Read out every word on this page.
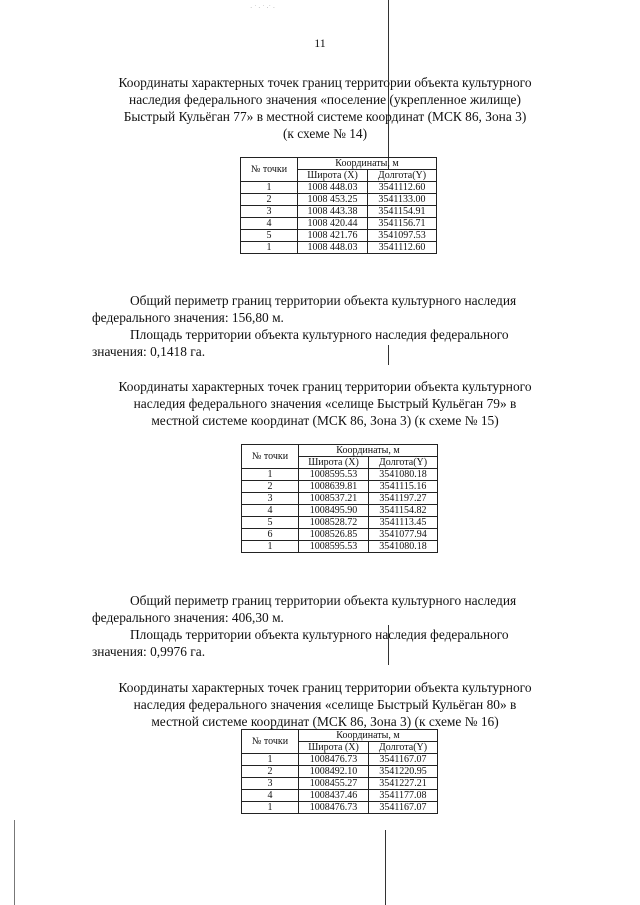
· ˙ · ˙ ·˙ ·
11
Координаты характерных точек границ территории объекта культурного
наследия федерального значения «поселение (укрепленное жилище)
Быстрый Кульёган 77» в местной системе координат (МСК 86, Зона 3)
(к схеме № 14)
№ точки	Координаты, м	
	Широта (X)	Долгота(Y)
1	1008 448.03	3541112.60
2	1008 453.25	3541133.00
3	1008 443.38	3541154.91
4	1008 420.44	3541156.71
5	1008 421.76	3541097.53
1	1008 448.03	3541112.60
Общий периметр границ территории объекта культурного наследия
федерального значения: 156,80 м.
Площадь территории объекта культурного наследия федерального
значения: 0,1418 га.
Координаты характерных точек границ территории объекта культурного
наследия федерального значения «селище Быстрый Кульёган 79» в
местной системе координат (МСК 86, Зона 3) (к схеме № 15)
№ точки	Координаты, м	
	Широта (X)	Долгота(Y)
1	1008595.53	3541080.18
2	1008639.81	3541115.16
3	1008537.21	3541197.27
4	1008495.90	3541154.82
5	1008528.72	3541113.45
6	1008526.85	3541077.94
1	1008595.53	3541080.18
Общий периметр границ территории объекта культурного наследия
федерального значения: 406,30 м.
Площадь территории объекта культурного наследия федерального
значения: 0,9976 га.
Координаты характерных точек границ территории объекта культурного
наследия федерального значения «селище Быстрый Кульёган 80» в
местной системе координат (МСК 86, Зона 3) (к схеме № 16)
№ точки	Координаты, м	
	Широта (X)	Долгота(Y)
1	1008476.73	3541167.07
2	1008492.10	3541220.95
3	1008455.27	3541227.21
4	1008437.46	3541177.08
1	1008476.73	3541167.07
